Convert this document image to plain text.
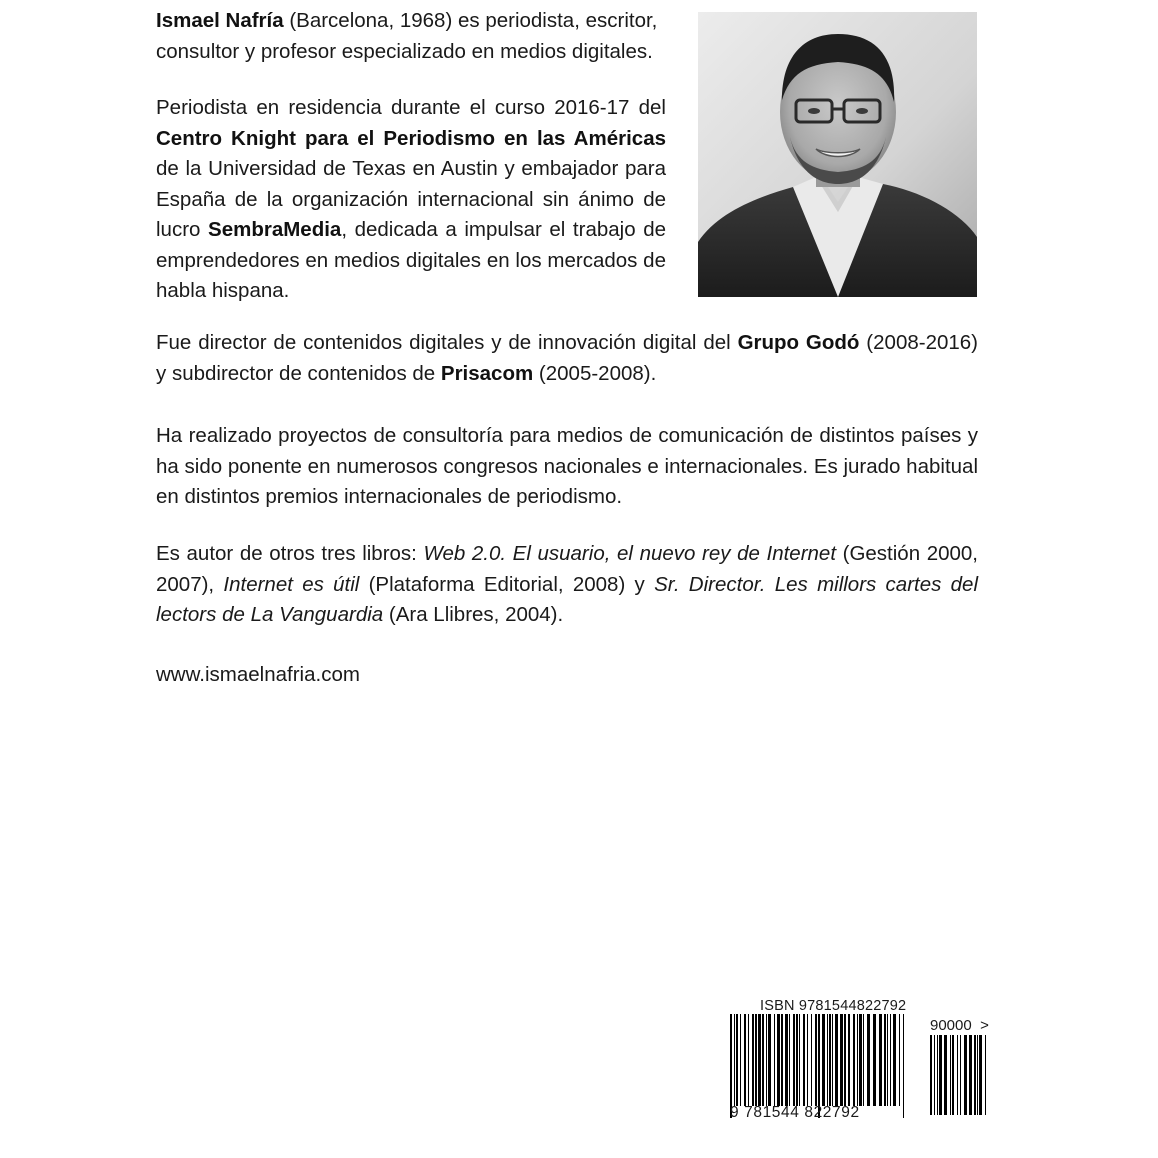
Ismael Nafría (Barcelona, 1968) es periodista, escritor, consultor y profesor especializado en medios digitales.

Periodista en residencia durante el curso 2016-17 del Centro Knight para el Periodismo en las Américas de la Universidad de Texas en Austin y embajador para España de la organización internacional sin ánimo de lucro SembraMedia, dedicada a impulsar el trabajo de emprendedores en medios digitales en los mercados de habla hispana.

Fue director de contenidos digitales y de innovación digital del Grupo Godó (2008-2016) y subdirector de contenidos de Prisacom (2005-2008).

Ha realizado proyectos de consultoría para medios de comunicación de distintos países y ha sido ponente en numerosos congresos nacionales e internacionales. Es jurado habitual en distintos premios internacionales de periodismo.

Es autor de otros tres libros: Web 2.0. El usuario, el nuevo rey de Internet (Gestión 2000, 2007), Internet es útil (Plataforma Editorial, 2008) y Sr. Director. Les millors cartes del lectors de La Vanguardia (Ara Llibres, 2004).

www.ismaelnafria.com

ISBN 9781544822792
90000 >
9 781544 822792
